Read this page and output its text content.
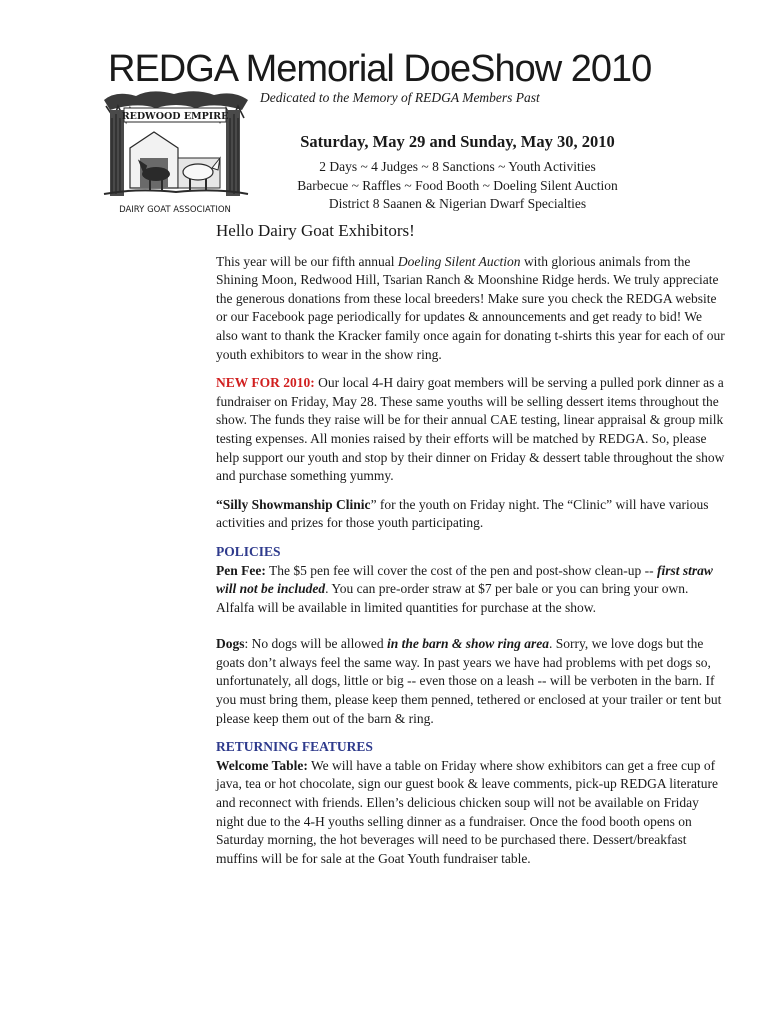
REDGA Memorial DoeShow 2010
REDWOOD EMPIRE
DAIRY GOAT ASSOCIATION
Dedicated to the Memory of REDGA Members Past
Saturday, May 29 and Sunday, May 30, 2010
2 Days ~ 4 Judges ~ 8 Sanctions ~ Youth Activities
Barbecue ~ Raffles ~ Food Booth ~ Doeling Silent Auction
District 8 Saanen & Nigerian Dwarf Specialties
Hello Dairy Goat Exhibitors!

This year will be our fifth annual Doeling Silent Auction with glorious animals from the Shining Moon, Redwood Hill, Tsarian Ranch & Moonshine Ridge herds. We truly appreciate the generous donations from these local breeders! Make sure you check the REDGA website or our Facebook page periodically for updates & announcements and get ready to bid! We also want to thank the Kracker family once again for donating t-shirts this year for each of our youth exhibitors to wear in the show ring.

NEW FOR 2010: Our local 4-H dairy goat members will be serving a pulled pork dinner as a fundraiser on Friday, May 28. These same youths will be selling dessert items throughout the show. The funds they raise will be for their annual CAE testing, linear appraisal & group milk testing expenses. All monies raised by their efforts will be matched by REDGA. So, please help support our youth and stop by their dinner on Friday & dessert table throughout the show and purchase something yummy.

“Silly Showmanship Clinic” for the youth on Friday night. The “Clinic” will have various activities and prizes for those youth participating.

POLICIES

Pen Fee: The $5 pen fee will cover the cost of the pen and post-show clean-up -- first straw will not be included. You can pre-order straw at $7 per bale or you can bring your own. Alfalfa will be available in limited quantities for purchase at the show.

Dogs: No dogs will be allowed in the barn & show ring area. Sorry, we love dogs but the goats don’t always feel the same way. In past years we have had problems with pet dogs so, unfortunately, all dogs, little or big -- even those on a leash -- will be verboten in the barn. If you must bring them, please keep them penned, tethered or enclosed at your trailer or tent but please keep them out of the barn & ring.

RETURNING FEATURES

Welcome Table: We will have a table on Friday where show exhibitors can get a free cup of java, tea or hot chocolate, sign our guest book & leave comments, pick-up REDGA literature and reconnect with friends. Ellen’s delicious chicken soup will not be available on Friday night due to the 4-H youths selling dinner as a fundraiser. Once the food booth opens on Saturday morning, the hot beverages will need to be purchased there. Dessert/breakfast muffins will be for sale at the Goat Youth fundraiser table.
